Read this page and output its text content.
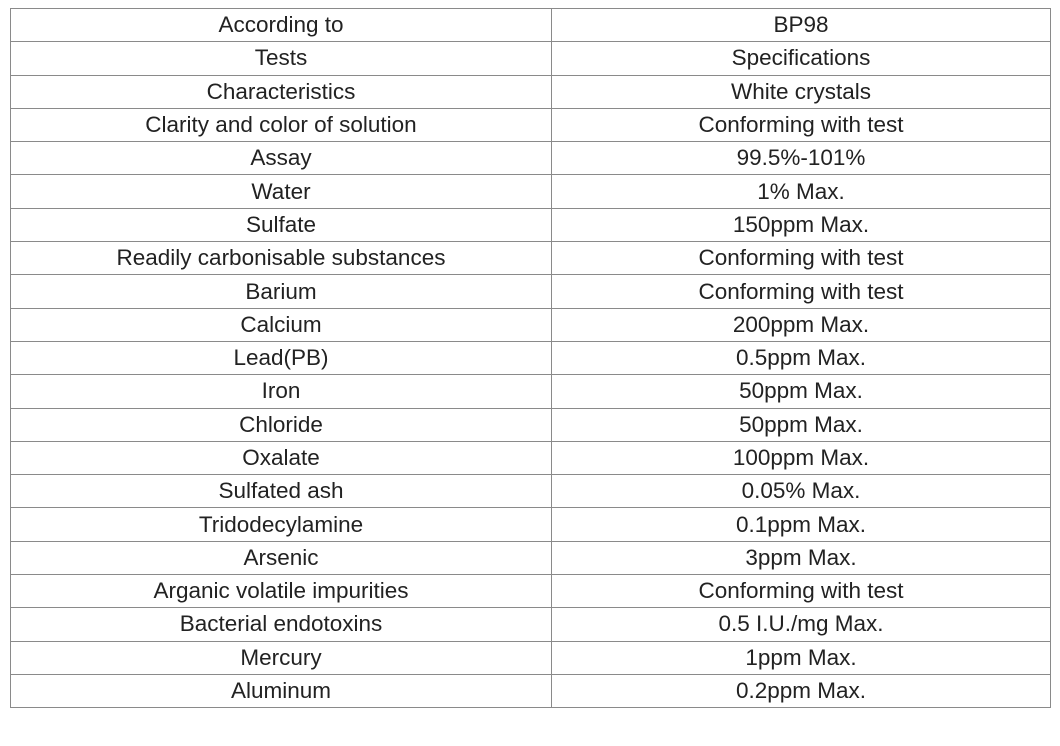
According to	BP98
Tests	Specifications
Characteristics	White crystals
Clarity and color of solution	Conforming with test
Assay	99.5%-101%
Water	1% Max.
Sulfate	150ppm Max.
Readily carbonisable substances	Conforming with test
Barium	Conforming with test
Calcium	200ppm Max.
Lead(PB)	0.5ppm Max.
Iron	50ppm Max.
Chloride	50ppm Max.
Oxalate	100ppm Max.
Sulfated ash	0.05% Max.
Tridodecylamine	0.1ppm Max.
Arsenic	3ppm Max.
Arganic volatile impurities	Conforming with test
Bacterial endotoxins	0.5 I.U./mg Max.
Mercury	1ppm Max.
Aluminum	0.2ppm Max.
